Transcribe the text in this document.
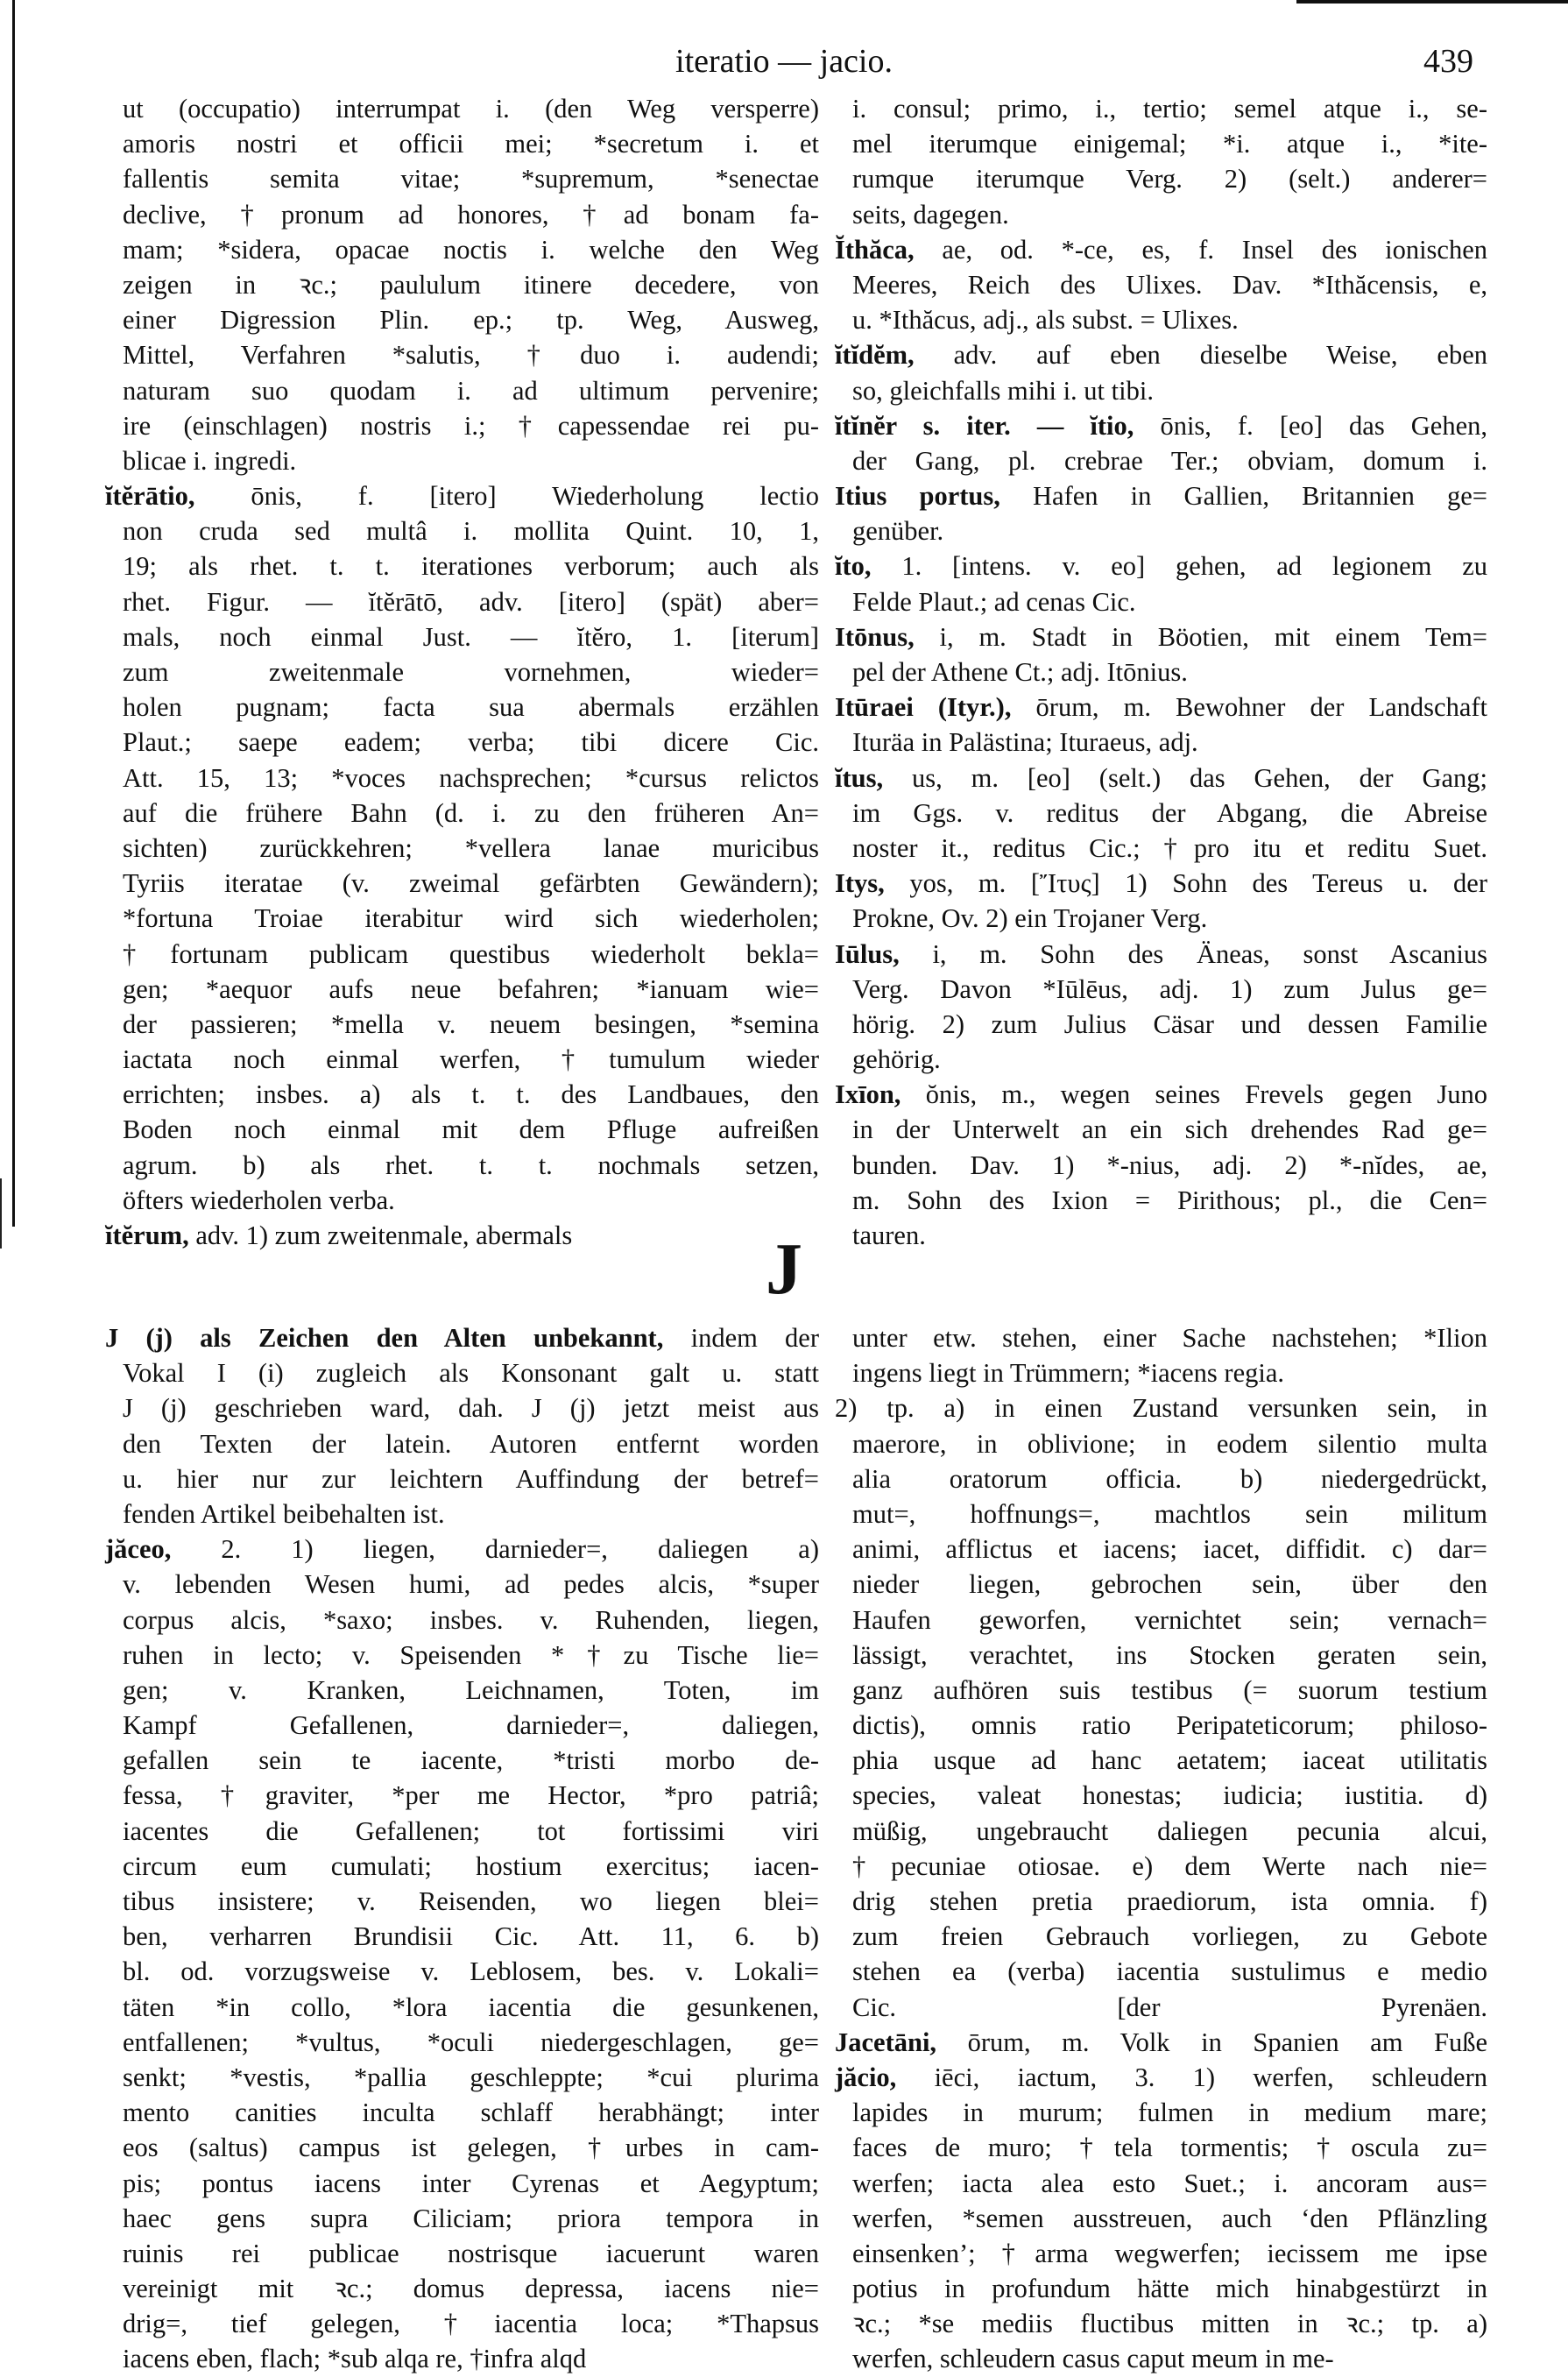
iteratio — jacio.	439
ut (occupatio) interrumpat i. (den Weg versperre)
amoris nostri et officii mei; *secretum i. et
fallentis semita vitae; *supremum, *senectae
declive, †pronum ad honores, †ad bonam fa-
mam; *sidera, opacae noctis i. welche den Weg
zeigen in ꝛc.; paululum itinere decedere, von
einer Digression Plin. ep.; tp. Weg, Ausweg,
Mittel, Verfahren *salutis, †duo i. audendi;
naturam suo quodam i. ad ultimum pervenire;
ire (einschlagen) nostris i.; †capessendae rei pu-
blicae i. ingredi.
ĭtĕrātio, ōnis, f. [itero] Wiederholung lectio
non cruda sed multâ i. mollita Quint. 10, 1,
19; als rhet. t. t. iterationes verborum; auch als
rhet. Figur. — ĭtĕrātō, adv. [itero] (spät) aber=
mals, noch einmal Just. — ĭtĕro, 1. [iterum]
zum zweitenmale vornehmen, wieder=
holen pugnam; facta sua abermals erzählen
Plaut.; saepe eadem; verba; tibi dicere Cic.
Att. 15, 13; *voces nachsprechen; *cursus relictos
auf die frühere Bahn (d. i. zu den früheren An=
sichten) zurückkehren; *vellera lanae muricibus
Tyriis iteratae (v. zweimal gefärbten Gewändern);
*fortuna Troiae iterabitur wird sich wiederholen;
†fortunam publicam questibus wiederholt bekla=
gen; *aequor aufs neue befahren; *ianuam wie=
der passieren; *mella v. neuem besingen, *semina
iactata noch einmal werfen, †tumulum wieder
errichten; insbes. a) als t. t. des Landbaues, den
Boden noch einmal mit dem Pfluge aufreißen
agrum. b) als rhet. t. t. nochmals setzen,
öfters wiederholen verba.
ĭtĕrum, adv. 1) zum zweitenmale, abermals
i. consul; primo, i., tertio; semel atque i., se-
mel iterumque einigemal; *i. atque i., *ite-
rumque iterumque Verg. 2) (selt.) anderer=
seits, dagegen.
Ĭthăca, ae, od. *-ce, es, f. Insel des ionischen
Meeres, Reich des Ulixes. Dav. *Ithăcensis, e,
u. *Ithăcus, adj., als subst. = Ulixes.
ĭtĭdĕm, adv. auf eben dieselbe Weise, eben
so, gleichfalls mihi i. ut tibi.
ĭtĭnĕr s. iter. — ĭtio, ōnis, f. [eo] das Gehen,
der Gang, pl. crebrae Ter.; obviam, domum i.
Itius portus, Hafen in Gallien, Britannien ge=
genüber.
ĭto, 1. [intens. v. eo] gehen, ad legionem zu
Felde Plaut.; ad cenas Cic.
Itōnus, i, m. Stadt in Böotien, mit einem Tem=
pel der Athene Ct.; adj. Itōnius.
Itūraei (Ityr.), ōrum, m. Bewohner der Landschaft
Ituräa in Palästina; Ituraeus, adj.
ĭtus, us, m. [eo] (selt.) das Gehen, der Gang;
im Ggs. v. reditus der Abgang, die Abreise
noster it., reditus Cic.; †pro itu et reditu Suet.
Itys, yos, m. [Ἴτυς] 1) Sohn des Tereus u. der
Prokne, Ov. 2) ein Trojaner Verg.
Iūlus, i, m. Sohn des Äneas, sonst Ascanius
Verg. Davon *Iūlēus, adj. 1) zum Julus ge=
hörig. 2) zum Julius Cäsar und dessen Familie
gehörig.
Ixīon, ŏnis, m., wegen seines Frevels gegen Juno
in der Unterwelt an ein sich drehendes Rad ge=
bunden. Dav. 1) *-nius, adj. 2) *-nĭdes, ae,
m. Sohn des Ixion = Pirithous; pl., die Cen=
tauren.
J
J (j) als Zeichen den Alten unbekannt, indem der
Vokal I (i) zugleich als Konsonant galt u. statt
J (j) geschrieben ward, dah. J (j) jetzt meist aus
den Texten der latein. Autoren entfernt worden
u. hier nur zur leichtern Auffindung der betref=
fenden Artikel beibehalten ist.
jăceo, 2. 1) liegen, darnieder=, daliegen a)
v. lebenden Wesen humi, ad pedes alcis, *super
corpus alcis, *saxo; insbes. v. Ruhenden, liegen,
ruhen in lecto; v. Speisenden *†zu Tische lie=
gen; v. Kranken, Leichnamen, Toten, im
Kampf Gefallenen, darnieder=, daliegen,
gefallen sein te iacente, *tristi morbo de-
fessa, †graviter, *per me Hector, *pro patriâ;
iacentes die Gefallenen; tot fortissimi viri
circum eum cumulati; hostium exercitus; iacen-
tibus insistere; v. Reisenden, wo liegen blei=
ben, verharren Brundisii Cic. Att. 11, 6. b)
bl. od. vorzugsweise v. Leblosem, bes. v. Lokali=
täten *in collo, *lora iacentia die gesunkenen,
entfallenen; *vultus, *oculi niedergeschlagen, ge=
senkt; *vestis, *pallia geschleppte; *cui plurima
mento canities inculta schlaff herabhängt; inter
eos (saltus) campus ist gelegen, †urbes in cam-
pis; pontus iacens inter Cyrenas et Aegyptum;
haec gens supra Ciliciam; priora tempora in
ruinis rei publicae nostrisque iacuerunt waren
vereinigt mit ꝛc.; domus depressa, iacens nie=
drig=, tief gelegen, †iacentia loca; *Thapsus
iacens eben, flach; *sub alqa re, †infra alqd
unter etw. stehen, einer Sache nachstehen; *Ilion
ingens liegt in Trümmern; *iacens regia.
2) tp. a) in einen Zustand versunken sein, in
maerore, in oblivione; in eodem silentio multa
alia oratorum officia. b) niedergedrückt,
mut=, hoffnungs=, machtlos sein militum
animi, afflictus et iacens; iacet, diffidit. c) dar=
nieder liegen, gebrochen sein, über den
Haufen geworfen, vernichtet sein; vernach=
lässigt, verachtet, ins Stocken geraten sein,
ganz aufhören suis testibus (= suorum testium
dictis), omnis ratio Peripateticorum; philoso-
phia usque ad hanc aetatem; iaceat utilitatis
species, valeat honestas; iudicia; iustitia. d)
müßig, ungebraucht daliegen pecunia alcui,
†pecuniae otiosae. e) dem Werte nach nie=
drig stehen pretia praediorum, ista omnia. f)
zum freien Gebrauch vorliegen, zu Gebote
stehen ea (verba) iacentia sustulimus e medio
Cic. [der Pyrenäen.
Jacetāni, ōrum, m. Volk in Spanien am Fuße
jăcio, iēci, iactum, 3. 1) werfen, schleudern
lapides in murum; fulmen in medium mare;
faces de muro; †tela tormentis; †oscula zu=
werfen; iacta alea esto Suet.; i. ancoram aus=
werfen, *semen ausstreuen, auch ‘den Pflänzling
einsenken’; †arma wegwerfen; iecissem me ipse
potius in profundum hätte mich hinabgestürzt in
ꝛc.; *se mediis fluctibus mitten in ꝛc.; tp. a)
werfen, schleudern casus caput meum in me-
